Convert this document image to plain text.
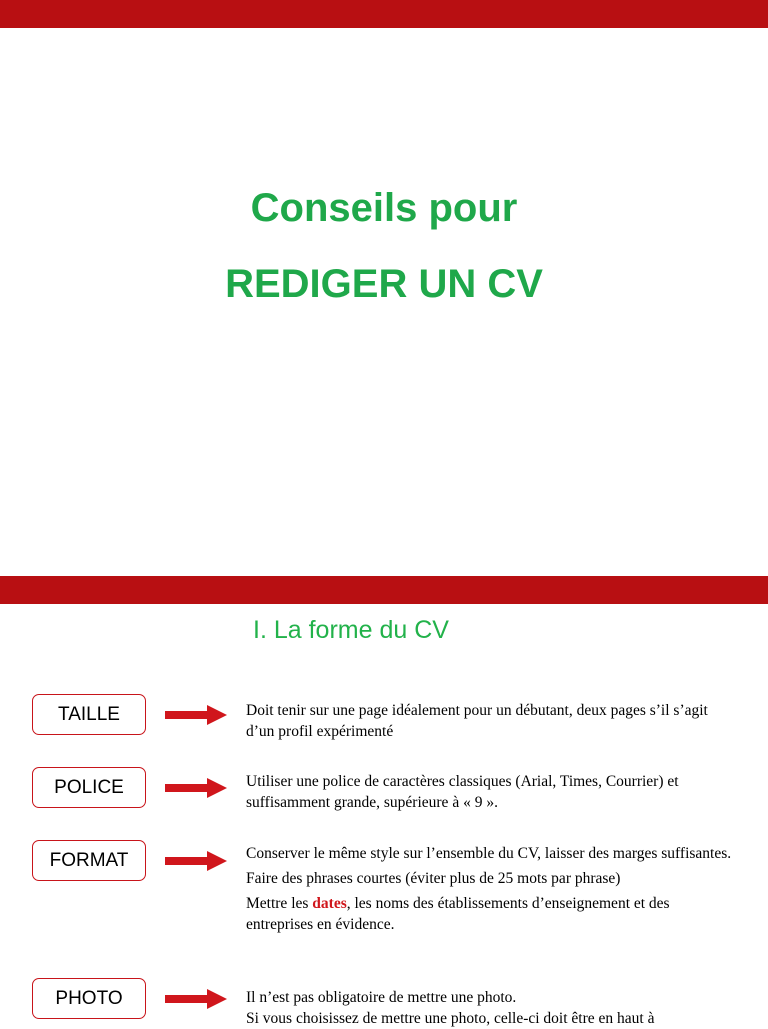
Conseils pour
REDIGER UN CV
I. La forme du CV
TAILLE	Doit tenir sur une page idéalement pour un débutant, deux pages s’il s’agit d’un profil expérimenté

POLICE	Utiliser une police de caractères classiques (Arial, Times, Courrier) et suffisamment grande, supérieure à « 9 ».

FORMAT	Conserver le même style sur l’ensemble du CV, laisser des marges suffisantes.

Faire des phrases courtes (éviter plus de 25 mots par phrase)

Mettre les dates, les noms des établissements d’enseignement et des entreprises en évidence.

PHOTO	Il n’est pas obligatoire de mettre une photo.

Si vous choisissez de mettre une photo, celle-ci doit être en haut à
